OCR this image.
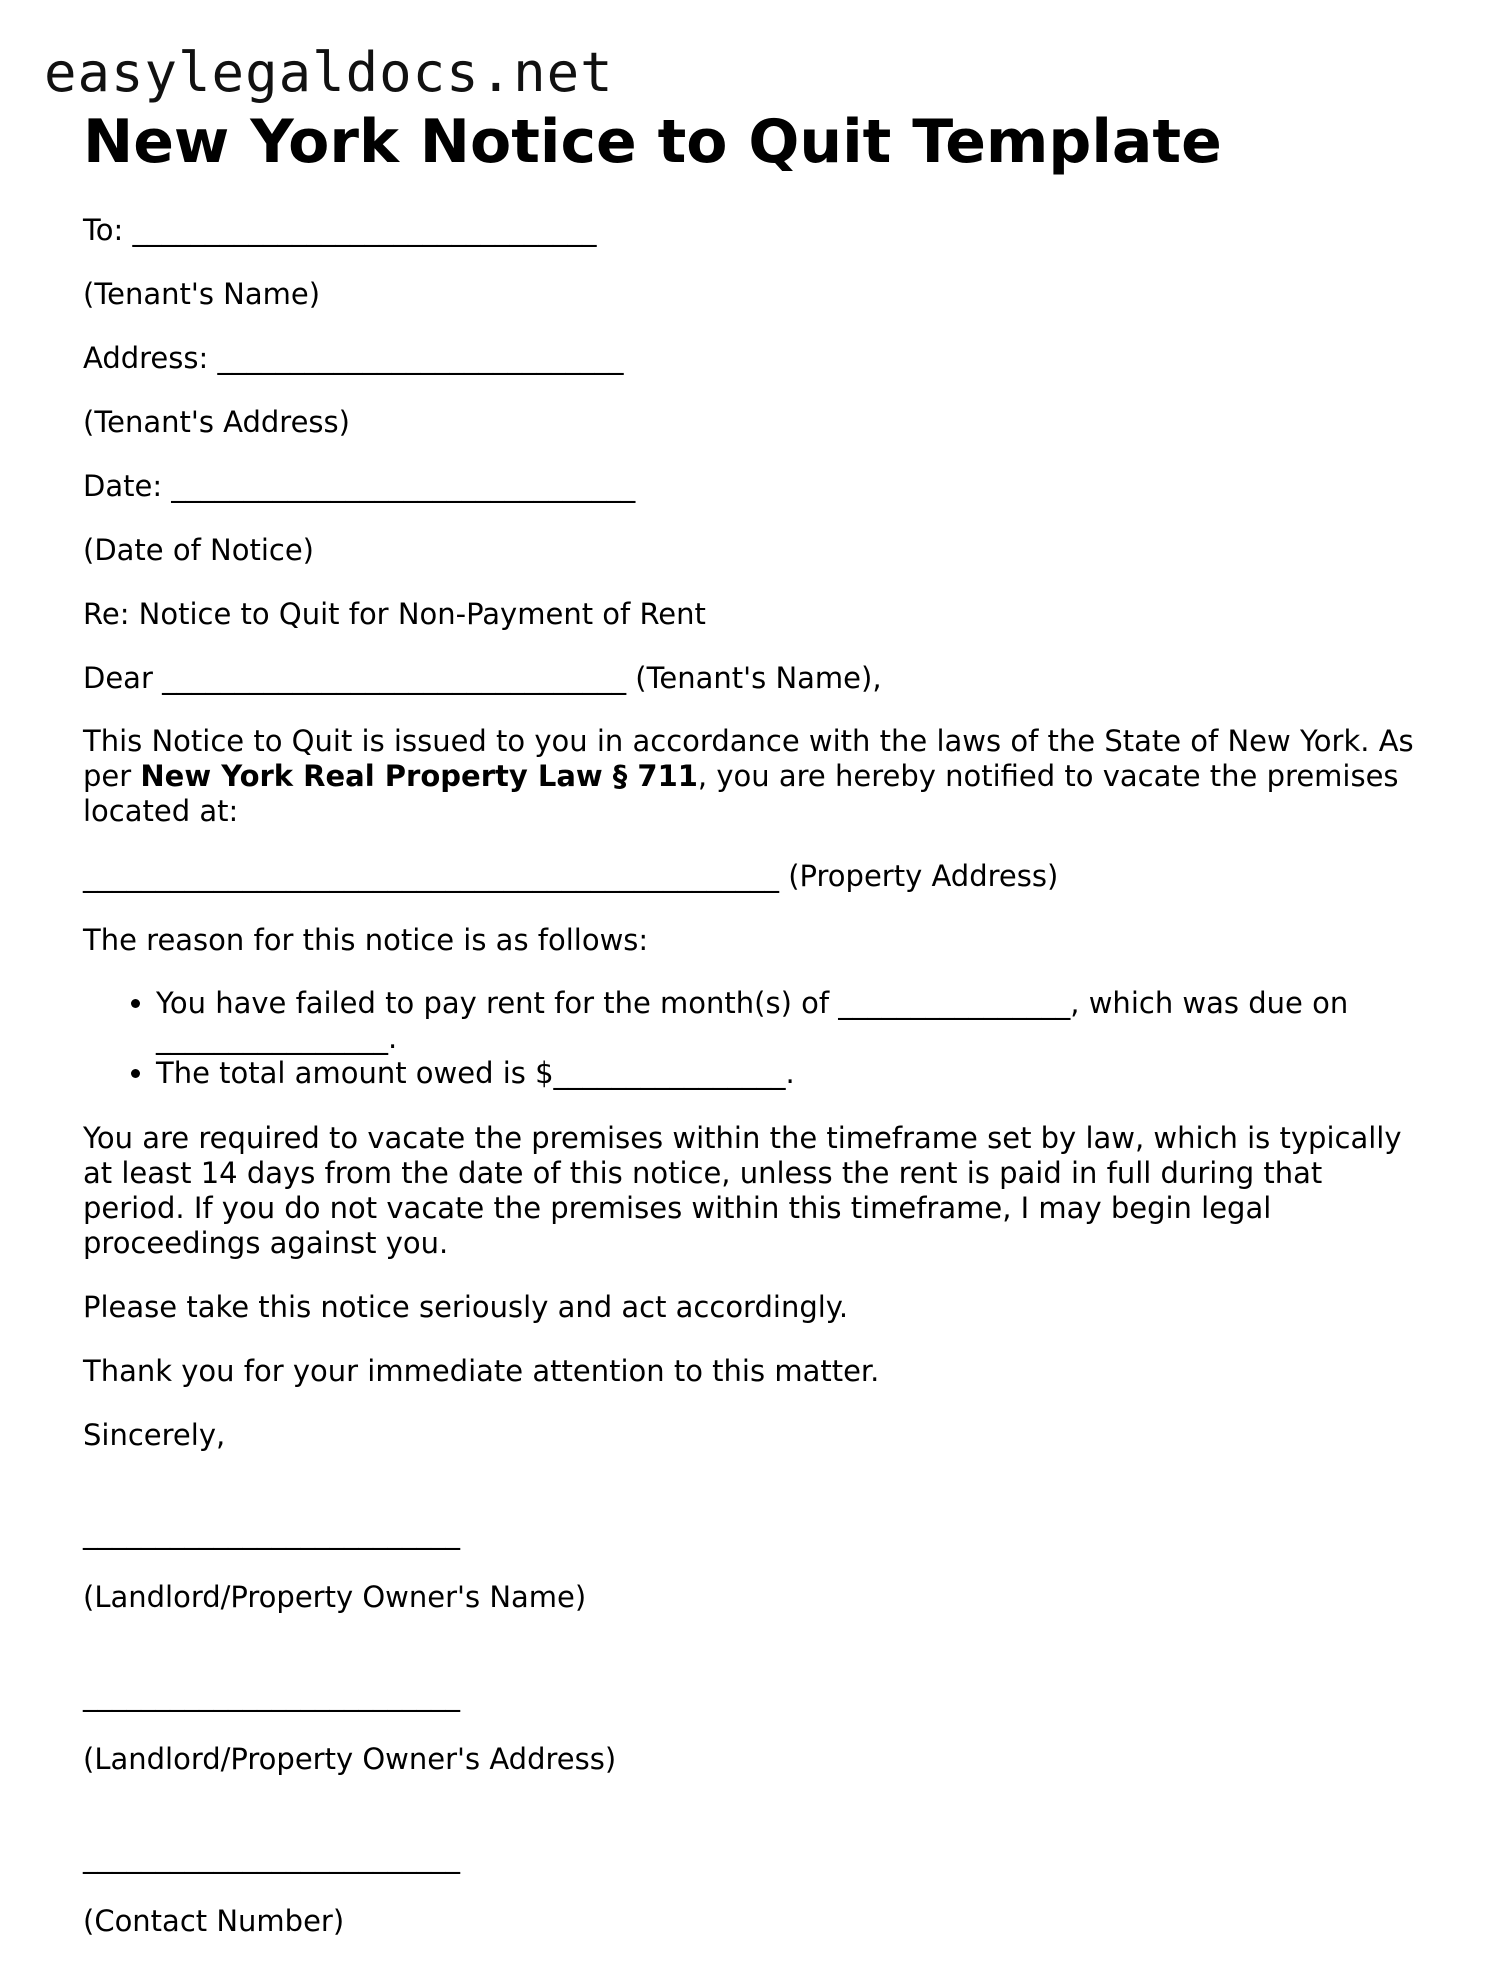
easylegaldocs.net
New York Notice to Quit Template

To: ________________________________

(Tenant's Name)

Address: ____________________________

(Tenant's Address)

Date: ________________________________

(Date of Notice)

Re: Notice to Quit for Non-Payment of Rent

Dear ________________________________ (Tenant's Name),

This Notice to Quit is issued to you in accordance with the laws of the State of New York. As per New York Real Property Law § 711, you are hereby notified to vacate the premises located at:

________________________________________________ (Property Address)

The reason for this notice is as follows:

• You have failed to pay rent for the month(s) of ________________, which was due on ________________.
• The total amount owed is $________________.

You are required to vacate the premises within the timeframe set by law, which is typically at least 14 days from the date of this notice, unless the rent is paid in full during that period. If you do not vacate the premises within this timeframe, I may begin legal proceedings against you.

Please take this notice seriously and act accordingly.

Thank you for your immediate attention to this matter.

Sincerely,

__________________________

(Landlord/Property Owner's Name)

__________________________

(Landlord/Property Owner's Address)

__________________________

(Contact Number)
